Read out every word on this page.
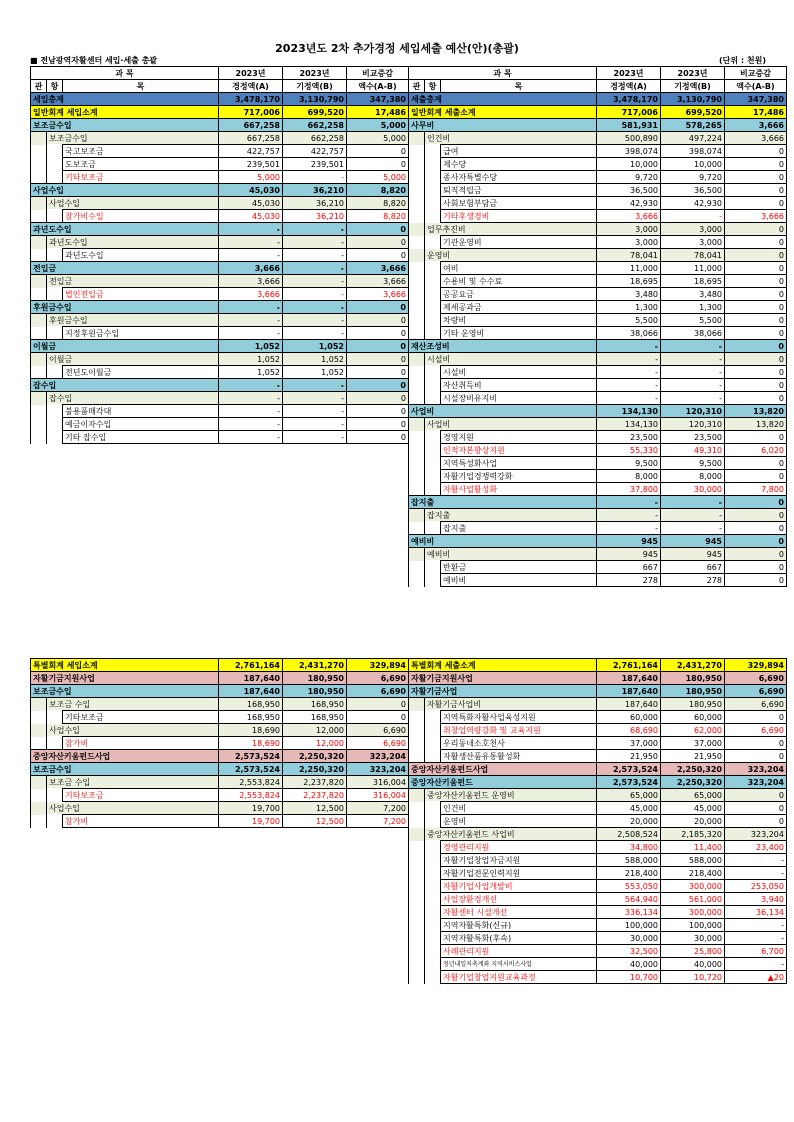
2023년도 2차 추가경정 세입세출 예산(안)(총괄)
■ 전남광역자활센터 세입·세출 총괄	(단위 : 천원)
과 목			2023년	2023년	비교증감
관	항	목	경정액(A)	기정액(B)	액수(A-B)
세입총계			3,478,170	3,130,790	347,380
일반회계 세입소계			717,006	699,520	17,486
보조금수입			667,258	662,258	5,000
	보조금수입		667,258	662,258	5,000
		국고보조금	422,757	422,757	0
		도보조금	239,501	239,501	0
		기타보조금	5,000	-	5,000
사업수입			45,030	36,210	8,820
	사업수입		45,030	36,210	8,820
		참가비수입	45,030	36,210	8,820
과년도수입			-	-	0
	과년도수입		-	-	0
		과년도수입	-	-	0
전입금			3,666	-	3,666
	전입금		3,666	-	3,666
		법인전입금	3,666	-	3,666
후원금수입			-	-	0
	후원금수입		-	-	0
		지정후원금수입	-	-	0
이월금			1,052	1,052	0
	이월금		1,052	1,052	0
		전년도이월금	1,052	1,052	0
잡수입			-	-	0
	잡수입		-	-	0
		불용품매각대	-	-	0
		예금이자수입	-	-	0
		기타 잡수입	-	-	0
과 목			2023년	2023년	비교증감
관	항	목	경정액(A)	기정액(B)	액수(A-B)
세출총계			3,478,170	3,130,790	347,380
일반회계 세출소계			717,006	699,520	17,486
사무비			581,931	578,265	3,666
	인건비		500,890	497,224	3,666
		급여	398,074	398,074	0
		제수당	10,000	10,000	0
		종사자특별수당	9,720	9,720	0
		퇴직적립금	36,500	36,500	0
		사회보험부담금	42,930	42,930	0
		기타후생경비	3,666	-	3,666
	업무추진비		3,000	3,000	0
		기관운영비	3,000	3,000	0
	운영비		78,041	78,041	0
		여비	11,000	11,000	0
		수용비 및 수수료	18,695	18,695	0
		공공요금	3,480	3,480	0
		제세공과금	1,300	1,300	0
		차량비	5,500	5,500	0
		기타 운영비	38,066	38,066	0
재산조성비			-	-	0
	시설비		-	-	0
		시설비	-	-	0
		자산취득비	-	-	0
		시설장비유지비	-	-	0
사업비			134,130	120,310	13,820
	사업비		134,130	120,310	13,820
		경영지원	23,500	23,500	0
		인적자본향상지원	55,330	49,310	6,020
		지역특성화사업	9,500	9,500	0
		자활기업경쟁력강화	8,000	8,000	0
		자활사업활성화	37,800	30,000	7,800
잡지출			-	-	0
	잡지출		-	-	0
		잡지출	-	-	0
예비비			945	945	0
	예비비		945	945	0
		반환금	667	667	0
		예비비	278	278	0
특별회계 세입소계			2,761,164	2,431,270	329,894
자활기금지원사업			187,640	180,950	6,690
보조금수입			187,640	180,950	6,690
	보조금 수입		168,950	168,950	0
		기타보조금	168,950	168,950	0
	사업수입		18,690	12,000	6,690
		참가비	18,690	12,000	6,690
중앙자산키움펀드사업			2,573,524	2,250,320	323,204
보조금수입			2,573,524	2,250,320	323,204
	보조금 수입		2,553,824	2,237,820	316,004
		기타보조금	2,553,824	2,237,820	316,004
	사업수입		19,700	12,500	7,200
		참가비	19,700	12,500	7,200
특별회계 세출소계			2,761,164	2,431,270	329,894
자활기금지원사업			187,640	180,950	6,690
자활기금사업			187,640	180,950	6,690
	자활기금사업비		187,640	180,950	6,690
		지역특화자활사업육성지원	60,000	60,000	0
		취창업역량강화 및 교육지원	68,690	62,000	6,690
		우리동네소호천사	37,000	37,000	0
		자활생산품유통활성화	21,950	21,950	0
중앙자산키움펀드사업			2,573,524	2,250,320	323,204
중앙자산키움펀드			2,573,524	2,250,320	323,204
	중앙자산키움펀드 운영비		65,000	65,000	0
		인건비	45,000	45,000	0
		운영비	20,000	20,000	0
	중앙자산키움펀드 사업비		2,508,524	2,185,320	323,204
		경영관리지원	34,800	11,400	23,400
		자활기업창업자금지원	588,000	588,000	-
		자활기업전문인력지원	218,400	218,400	-
		자활기업사업개발비	553,050	300,000	253,050
		사업장환경개선	564,940	561,000	3,940
		자활센터 시설개선	336,134	300,000	36,134
		지역자활특화(신규)	100,000	100,000	-
		지역자활특화(후속)	30,000	30,000	-
		사례관리지원	32,500	25,800	6,700
		청년내일저축계좌 지역서비스사업	40,000	40,000	-
		자활기업창업지원교육과정	10,700	10,720	▲20
